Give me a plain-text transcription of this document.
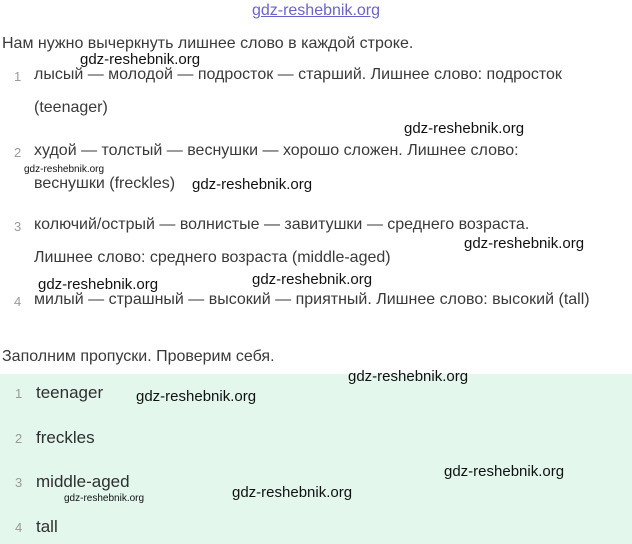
gdz-reshebnik.org
Нам нужно вычеркнуть лишнее слово в каждой строке.
1 лысый — молодой — подросток — старший. Лишнее слово: подросток
(teenager)
2 худой — толстый — веснушки — хорошо сложен. Лишнее слово:
веснушки (freckles)
3 колючий/острый — волнистые — завитушки — среднего возраста.
Лишнее слово: среднего возраста (middle-aged)
4 милый — страшный — высокий — приятный. Лишнее слово: высокий (tall)
Заполним пропуски. Проверим себя.
1 teenager
2 freckles
3 middle-aged
4 tall
gdz-reshebnik.org
gdz-reshebnik.org
gdz-reshebnik.org
gdz-reshebnik.org
gdz-reshebnik.org
gdz-reshebnik.org
gdz-reshebnik.org
gdz-reshebnik.org
gdz-reshebnik.org
gdz-reshebnik.org
gdz-reshebnik.org
gdz-reshebnik.org
